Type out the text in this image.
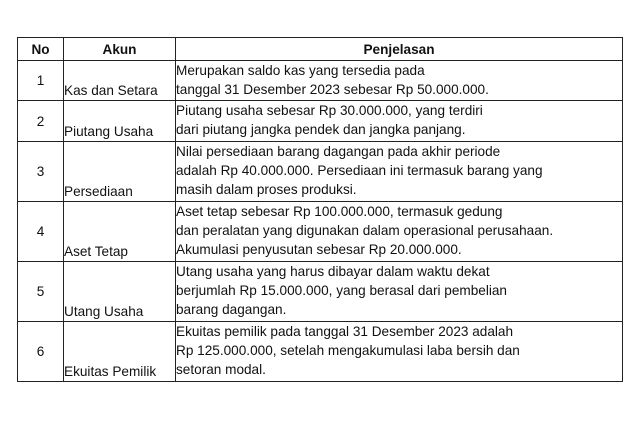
No	Akun	Penjelasan
1	Kas dan Setara	Merupakan saldo kas yang tersedia pada
tanggal 31 Desember 2023 sebesar Rp 50.000.000.

2	Piutang Usaha	Piutang usaha sebesar Rp 30.000.000, yang terdiri
dari piutang jangka pendek dan jangka panjang.

3	Persediaan	Nilai persediaan barang dagangan pada akhir periode
adalah Rp 40.000.000. Persediaan ini termasuk barang yang
masih dalam proses produksi.

4	Aset Tetap	Aset tetap sebesar Rp 100.000.000, termasuk gedung
dan peralatan yang digunakan dalam operasional perusahaan.
Akumulasi penyusutan sebesar Rp 20.000.000.

5	Utang Usaha	Utang usaha yang harus dibayar dalam waktu dekat
berjumlah Rp 15.000.000, yang berasal dari pembelian
barang dagangan.

6	Ekuitas Pemilik	Ekuitas pemilik pada tanggal 31 Desember 2023 adalah
Rp 125.000.000, setelah mengakumulasi laba bersih dan
setoran modal.
